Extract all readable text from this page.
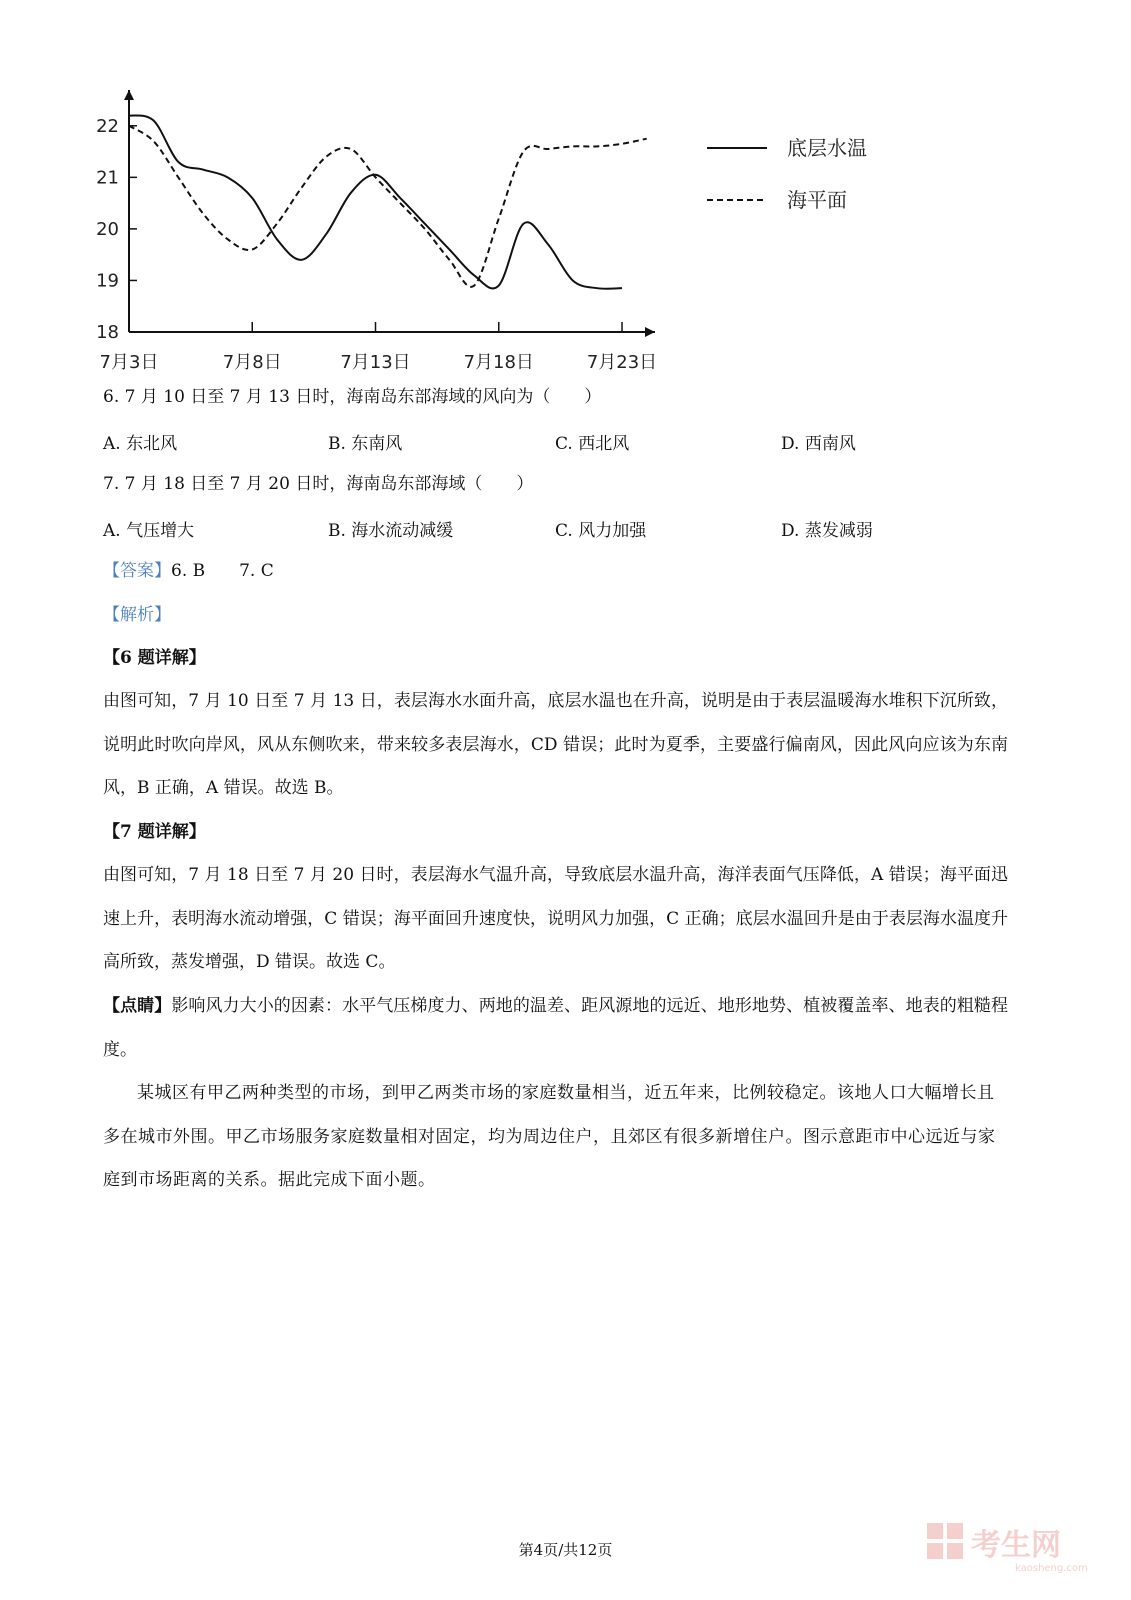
18
19
20
21
22
7月3日	7月8日	7月13日	7月18日	7月23日
底层水温
海平面
6. 7 月 10 日至 7 月 13 日时，海南岛东部海域的风向为（　　）
A. 东北风	B. 东南风	C. 西北风	D. 西南风
7. 7 月 18 日至 7 月 20 日时，海南岛东部海域（　　）
A. 气压增大	B. 海水流动减缓	C. 风力加强	D. 蒸发减弱
【答案】6. B　　7. C
【解析】
【6 题详解】
由图可知，7 月 10 日至 7 月 13 日，表层海水水面升高，底层水温也在升高，说明是由于表层温暖海水堆积下沉所致，说明此时吹向岸风，风从东侧吹来，带来较多表层海水，CD 错误；此时为夏季，主要盛行偏南风，因此风向应该为东南风，B 正确，A 错误。故选 B。
【7 题详解】
由图可知，7 月 18 日至 7 月 20 日时，表层海水气温升高，导致底层水温升高，海洋表面气压降低，A 错误；海平面迅速上升，表明海水流动增强，C 错误；海平面回升速度快，说明风力加强，C 正确；底层水温回升是由于表层海水温度升高所致，蒸发增强，D 错误。故选 C。
【点睛】影响风力大小的因素：水平气压梯度力、两地的温差、距风源地的远近、地形地势、植被覆盖率、地表的粗糙程度。
某城区有甲乙两种类型的市场，到甲乙两类市场的家庭数量相当，近五年来，比例较稳定。该地人口大幅增长且多在城市外围。甲乙市场服务家庭数量相对固定，均为周边住户，且郊区有很多新增住户。图示意距市中心远近与家庭到市场距离的关系。据此完成下面小题。
第4页/共12页	考生网
kaosheng.com
